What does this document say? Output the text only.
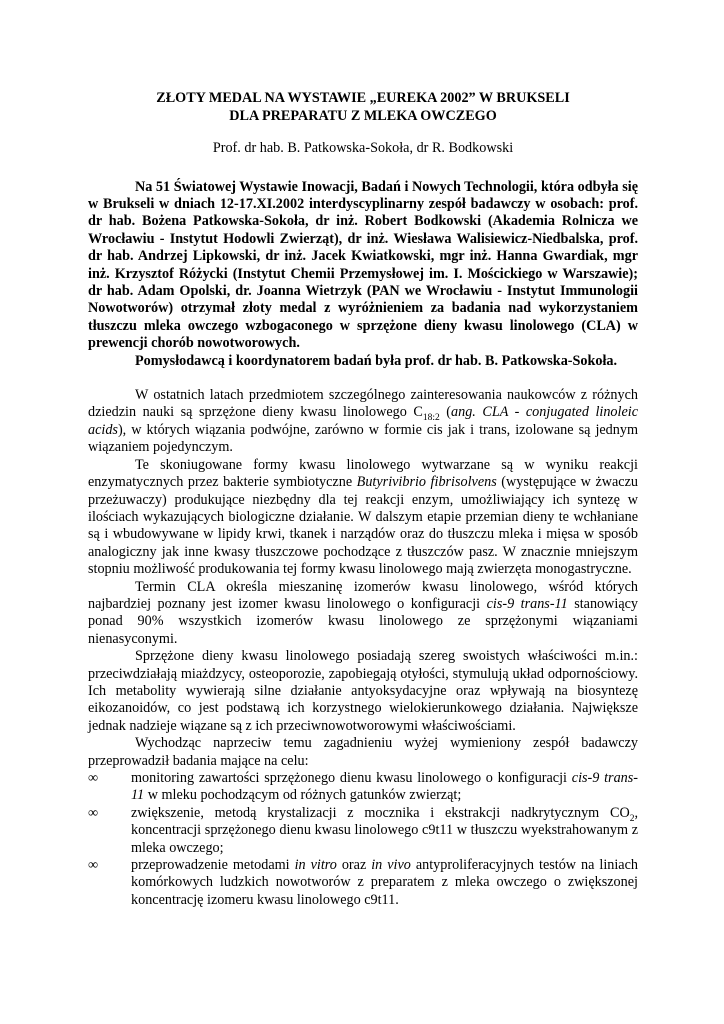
ZŁOTY MEDAL NA WYSTAWIE „EUREKA 2002” W BRUKSELI
DLA PREPARATU Z MLEKA OWCZEGO
Prof. dr hab. B. Patkowska-Sokoła, dr R. Bodkowski

Na 51 Światowej Wystawie Inowacji, Badań i Nowych Technologii, która odbyła się w Brukseli w dniach 12-17.XI.2002 interdyscyplinarny zespół badawczy w osobach: prof. dr hab. Bożena Patkowska-Sokoła, dr inż. Robert Bodkowski (Akademia Rolnicza we Wrocławiu - Instytut Hodowli Zwierząt), dr inż. Wiesława Walisiewicz-Niedbalska, prof. dr hab. Andrzej Lipkowski, dr inż. Jacek Kwiatkowski, mgr inż. Hanna Gwardiak, mgr inż. Krzysztof Różycki (Instytut Chemii Przemysłowej im. I. Mościckiego w Warszawie); dr hab. Adam Opolski, dr. Joanna Wietrzyk (PAN we Wrocławiu - Instytut Immunologii Nowotworów) otrzymał złoty medal z wyróżnieniem za badania nad wykorzystaniem tłuszczu mleka owczego wzbogaconego w sprzężone dieny kwasu linolowego (CLA) w prewencji chorób nowotworowych.

Pomysłodawcą i koordynatorem badań była prof. dr hab. B. Patkowska-Sokoła.

W ostatnich latach przedmiotem szczególnego zainteresowania naukowców z różnych dziedzin nauki są sprzężone dieny kwasu linolowego $C_{18:2}$ (ang. CLA - conjugated linoleic acids), w których wiązania podwójne, zarówno w formie cis jak i trans, izolowane są jednym wiązaniem pojedynczym.

Te skoniugowane formy kwasu linolowego wytwarzane są w wyniku reakcji enzymatycznych przez bakterie symbiotyczne Butyrivibrio fibrisolvens (występujące w żwaczu przeżuwaczy) produkujące niezbędny dla tej reakcji enzym, umożliwiający ich syntezę w ilościach wykazujących biologiczne działanie. W dalszym etapie przemian dieny te wchłaniane są i wbudowywane w lipidy krwi, tkanek i narządów oraz do tłuszczu mleka i mięsa w sposób analogiczny jak inne kwasy tłuszczowe pochodzące z tłuszczów pasz. W znacznie mniejszym stopniu możliwość produkowania tej formy kwasu linolowego mają zwierzęta monogastryczne.

Termin CLA określa mieszaninę izomerów kwasu linolowego, wśród których najbardziej poznany jest izomer kwasu linolowego o konfiguracji cis-9 trans-11 stanowiący ponad 90% wszystkich izomerów kwasu linolowego ze sprzężonymi wiązaniami nienasyconymi.

Sprzężone dieny kwasu linolowego posiadają szereg swoistych właściwości m.in.: przeciwdziałają miażdzycy, osteoporozie, zapobiegają otyłości, stymulują układ odpornościowy. Ich metabolity wywierają silne działanie antyoksydacyjne oraz wpływają na biosyntezę eikozanoidów, co jest podstawą ich korzystnego wielokierunkowego działania. Największe jednak nadzieje wiązane są z ich przeciwnowotworowymi właściwościami.

Wychodząc naprzeciw temu zagadnieniu wyżej wymieniony zespół badawczy przeprowadził badania mające na celu:

∞ monitoring zawartości sprzężonego dienu kwasu linolowego o konfiguracji cis-9 trans-11 w mleku pochodzącym od różnych gatunków zwierząt;
∞ zwiększenie, metodą krystalizacji z mocznika i ekstrakcji nadkrytycznym $CO_2$, koncentracji sprzężonego dienu kwasu linolowego c9t11 w tłuszczu wyekstrahowanym z mleka owczego;
∞ przeprowadzenie metodami in vitro oraz in vivo antyproliferacyjnych testów na liniach komórkowych ludzkich nowotworów z preparatem z mleka owczego o zwiększonej koncentrację izomeru kwasu linolowego c9t11.
